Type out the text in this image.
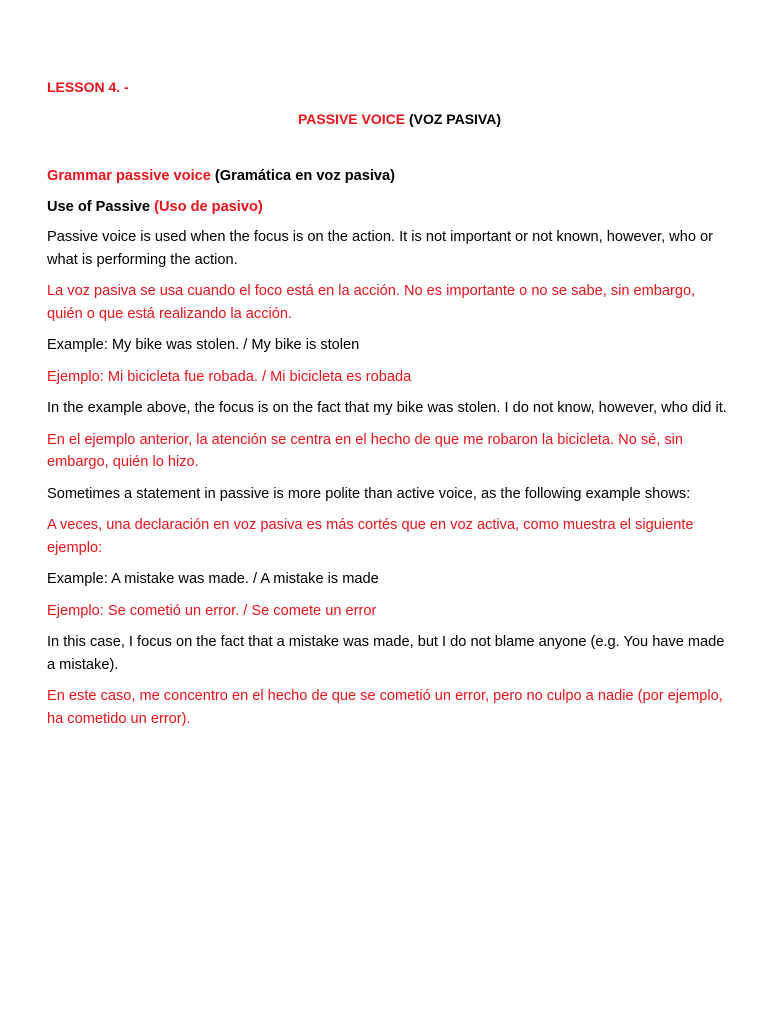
LESSON 4. -

PASSIVE VOICE (VOZ PASIVA)

Grammar passive voice (Gramática en voz pasiva)

Use of Passive (Uso de pasivo)

Passive voice is used when the focus is on the action. It is not important or not known, however, who or what is performing the action.

La voz pasiva se usa cuando el foco está en la acción. No es importante o no se sabe, sin embargo, quién o que está realizando la acción.

Example: My bike was stolen. / My bike is stolen

Ejemplo: Mi bicicleta fue robada. / Mi bicicleta es robada

In the example above, the focus is on the fact that my bike was stolen. I do not know, however, who did it.

En el ejemplo anterior, la atención se centra en el hecho de que me robaron la bicicleta. No sé, sin embargo, quién lo hizo.

Sometimes a statement in passive is more polite than active voice, as the following example shows:

A veces, una declaración en voz pasiva es más cortés que en voz activa, como muestra el siguiente ejemplo:

Example: A mistake was made. / A mistake is made

Ejemplo: Se cometió un error. / Se comete un error

In this case, I focus on the fact that a mistake was made, but I do not blame anyone (e.g. You have made a mistake).

En este caso, me concentro en el hecho de que se cometió un error, pero no culpo a nadie (por ejemplo, ha cometido un error).
